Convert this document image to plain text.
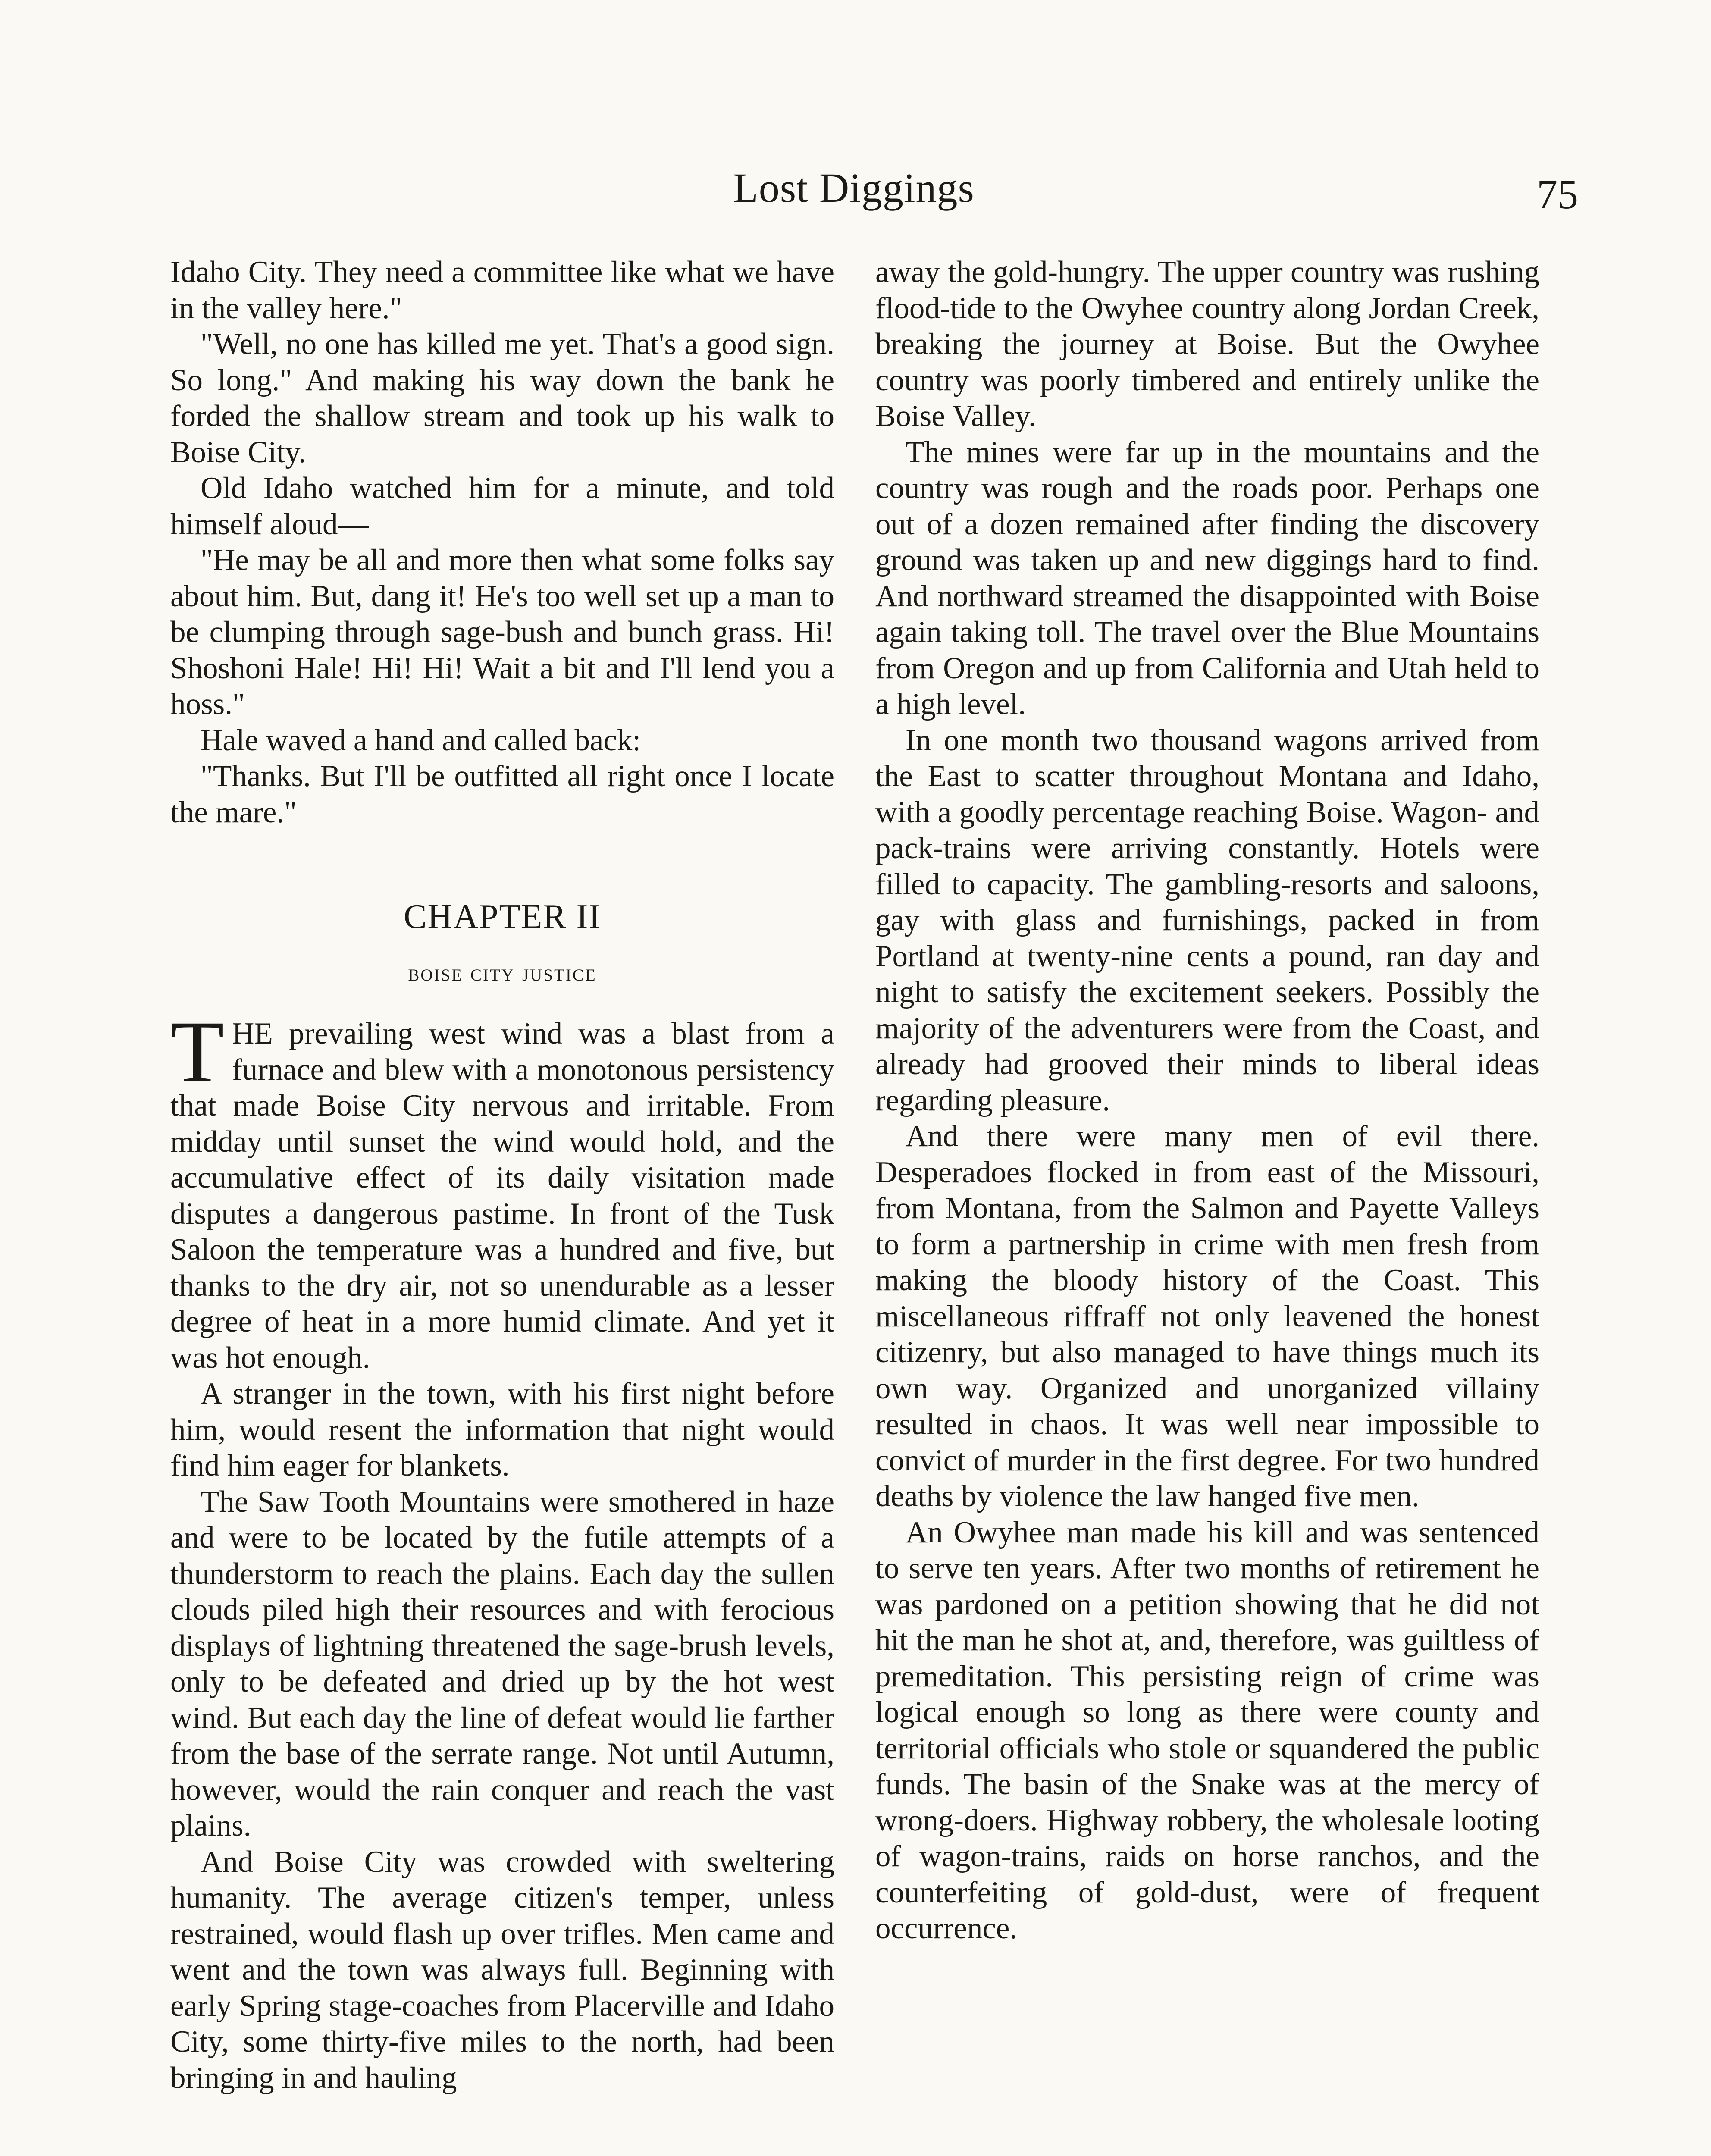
Lost Diggings	75

Idaho City. They need a committee like what we have in the valley here."

"Well, no one has killed me yet. That's a good sign. So long." And making his way down the bank he forded the shallow stream and took up his walk to Boise City.

Old Idaho watched him for a minute, and told himself aloud—

"He may be all and more then what some folks say about him. But, dang it! He's too well set up a man to be clumping through sage-bush and bunch grass. Hi! Shoshoni Hale! Hi! Hi! Wait a bit and I'll lend you a hoss."

Hale waved a hand and called back:

"Thanks. But I'll be outfitted all right once I locate the mare."

CHAPTER II
boise city justice

THE prevailing west wind was a blast from a furnace and blew with a monotonous persistency that made Boise City nervous and irritable. From midday until sunset the wind would hold, and the accumulative effect of its daily visitation made disputes a dangerous pastime. In front of the Tusk Saloon the temperature was a hundred and five, but thanks to the dry air, not so unendurable as a lesser degree of heat in a more humid climate. And yet it was hot enough.

A stranger in the town, with his first night before him, would resent the information that night would find him eager for blankets.

The Saw Tooth Mountains were smothered in haze and were to be located by the futile attempts of a thunderstorm to reach the plains. Each day the sullen clouds piled high their resources and with ferocious displays of lightning threatened the sage-brush levels, only to be defeated and dried up by the hot west wind. But each day the line of defeat would lie farther from the base of the serrate range. Not until Autumn, however, would the rain conquer and reach the vast plains.

And Boise City was crowded with sweltering humanity. The average citizen's temper, unless restrained, would flash up over trifles. Men came and went and the town was always full. Beginning with early Spring stage-coaches from Placerville and Idaho City, some thirty-five miles to the north, had been bringing in and hauling

away the gold-hungry. The upper country was rushing flood-tide to the Owyhee country along Jordan Creek, breaking the journey at Boise. But the Owyhee country was poorly timbered and entirely unlike the Boise Valley.

The mines were far up in the mountains and the country was rough and the roads poor. Perhaps one out of a dozen remained after finding the discovery ground was taken up and new diggings hard to find. And northward streamed the disappointed with Boise again taking toll. The travel over the Blue Mountains from Oregon and up from California and Utah held to a high level.

In one month two thousand wagons arrived from the East to scatter throughout Montana and Idaho, with a goodly percentage reaching Boise. Wagon- and pack-trains were arriving constantly. Hotels were filled to capacity. The gambling-resorts and saloons, gay with glass and furnishings, packed in from Portland at twenty-nine cents a pound, ran day and night to satisfy the excitement seekers. Possibly the majority of the adventurers were from the Coast, and already had grooved their minds to liberal ideas regarding pleasure.

And there were many men of evil there. Desperadoes flocked in from east of the Missouri, from Montana, from the Salmon and Payette Valleys to form a partnership in crime with men fresh from making the bloody history of the Coast. This miscellaneous riffraff not only leavened the honest citizenry, but also managed to have things much its own way. Organized and unorganized villainy resulted in chaos. It was well near impossible to convict of murder in the first degree. For two hundred deaths by violence the law hanged five men.

An Owyhee man made his kill and was sentenced to serve ten years. After two months of retirement he was pardoned on a petition showing that he did not hit the man he shot at, and, therefore, was guiltless of premeditation. This persisting reign of crime was logical enough so long as there were county and territorial officials who stole or squandered the public funds. The basin of the Snake was at the mercy of wrong-doers. Highway robbery, the wholesale looting of wagon-trains, raids on horse ranchos, and the counterfeiting of gold-dust, were of frequent occurrence.
